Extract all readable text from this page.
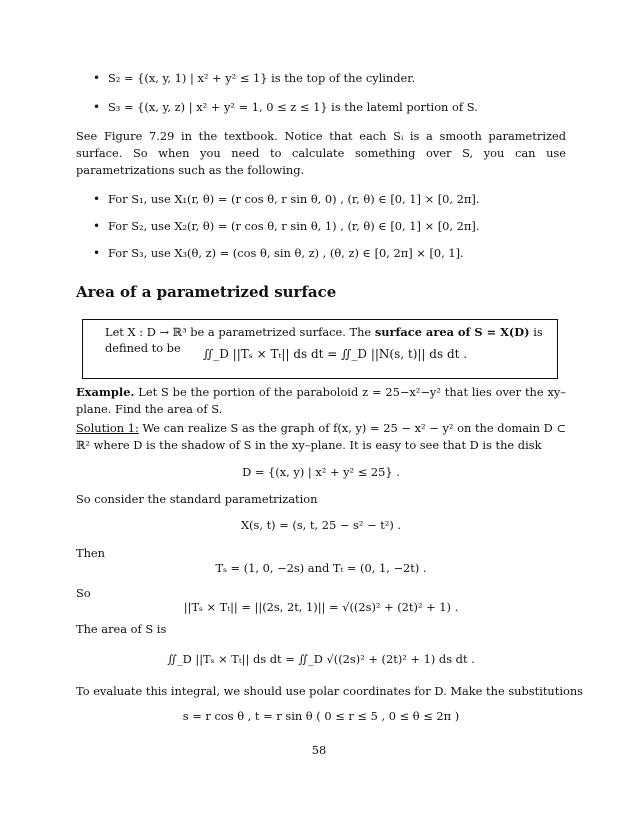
• S₂ = {(x, y, 1) | x² + y² ≤ 1} is the top of the cylinder.
• S₃ = {(x, y, z) | x² + y² = 1, 0 ≤ z ≤ 1} is the lateml portion of S.
See Figure 7.29 in the textbook. Notice that each Sᵢ is a smooth parametrized surface. So when you need to calculate something over S, you can use parametrizations such as the following.
• For S₁, use X₁(r, θ) = (r cos θ, r sin θ, 0) , (r, θ) ∈ [0, 1] × [0, 2π].
• For S₂, use X₂(r, θ) = (r cos θ, r sin θ, 1) , (r, θ) ∈ [0, 1] × [0, 2π].
• For S₃, use X₃(θ, z) = (cos θ, sin θ, z) , (θ, z) ∈ [0, 2π] × [0, 1].
Area of a parametrized surface
Let X : D → ℝ³ be a parametrized surface. The surface area of S = X(D) is
defined to be ∬_D ||Tₛ × Tₜ|| ds dt = ∬_D ||N(s, t)|| ds dt .
Example. Let S be the portion of the paraboloid z = 25−x²−y² that lies over the xy–plane. Find the area of S.
Solution 1: We can realize S as the graph of f(x, y) = 25 − x² − y² on the domain D ⊂ ℝ² where D is the shadow of S in the xy–plane. It is easy to see that D is the disk
D = {(x, y) | x² + y² ≤ 25} .
So consider the standard parametrization
X(s, t) = (s, t, 25 − s² − t²) .
Then
Tₛ = (1, 0, −2s) and Tₜ = (0, 1, −2t) .
So
||Tₛ × Tₜ|| = ||(2s, 2t, 1)|| = √((2s)² + (2t)² + 1) .
The area of S is
∬_D ||Tₛ × Tₜ|| ds dt = ∬_D √((2s)² + (2t)² + 1) ds dt .
To evaluate this integral, we should use polar coordinates for D. Make the substitutions
s = r cos θ , t = r sin θ ( 0 ≤ r ≤ 5 , 0 ≤ θ ≤ 2π )
58
